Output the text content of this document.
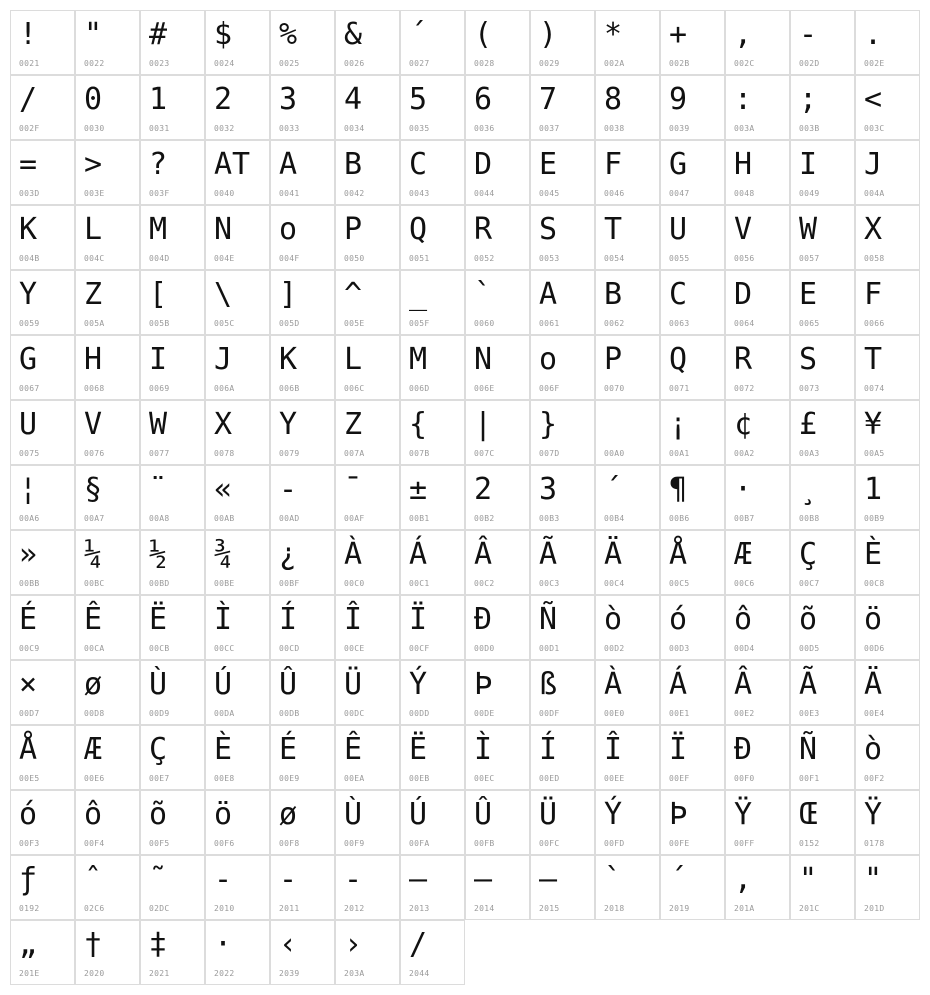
!
0021
"
0022
#
0023
$
0024
%
0025
&
0026
´
0027
(
0028
)
0029
*
002A
+
002B
,
002C
-
002D
.
002E
/
002F
0
0030
1
0031
2
0032
3
0033
4
0034
5
0035
6
0036
7
0037
8
0038
9
0039
:
003A
;
003B
<
003C
=
003D
>
003E
?
003F
AT
0040
A
0041
B
0042
C
0043
D
0044
E
0045
F
0046
G
0047
H
0048
I
0049
J
004A
K
004B
L
004C
M
004D
N
004E
o
004F
P
0050
Q
0051
R
0052
S
0053
T
0054
U
0055
V
0056
W
0057
X
0058
Y
0059
Z
005A
[
005B
\
005C
]
005D
^
005E
_
005F
`
0060
A
0061
B
0062
C
0063
D
0064
E
0065
F
0066
G
0067
H
0068
I
0069
J
006A
K
006B
L
006C
M
006D
N
006E
o
006F
P
0070
Q
0071
R
0072
S
0073
T
0074
U
0075
V
0076
W
0077
X
0078
Y
0079
Z
007A
{
007B
|
007C
}
007D	00A0
¡
00A1
¢
00A2
£
00A3
¥
00A5
¦
00A6
§
00A7
¨
00A8
«
00AB
-
00AD
¯
00AF
±
00B1
2
00B2
3
00B3
´
00B4
¶
00B6
·
00B7
¸
00B8
1
00B9
»
00BB
¼
00BC
½
00BD
¾
00BE
¿
00BF
À
00C0
Á
00C1
Â
00C2
Ã
00C3
Ä
00C4
Å
00C5
Æ
00C6
Ç
00C7
È
00C8
É
00C9
Ê
00CA
Ë
00CB
Ì
00CC
Í
00CD
Î
00CE
Ï
00CF
Đ
00D0
Ñ
00D1
ò
00D2
ó
00D3
ô
00D4
õ
00D5
ö
00D6
×
00D7
ø
00D8
Ù
00D9
Ú
00DA
Û
00DB
Ü
00DC
Ý
00DD
Þ
00DE
ß
00DF
À
00E0
Á
00E1
Â
00E2
Ã
00E3
Ä
00E4
Å
00E5
Æ
00E6
Ç
00E7
È
00E8
É
00E9
Ê
00EA
Ë
00EB
Ì
00EC
Í
00ED
Î
00EE
Ï
00EF
Đ
00F0
Ñ
00F1
ò
00F2
ó
00F3
ô
00F4
õ
00F5
ö
00F6
ø
00F8
Ù
00F9
Ú
00FA
Û
00FB
Ü
00FC
Ý
00FD
Þ
00FE
Ÿ
00FF
Œ
0152
Ÿ
0178
ƒ
0192
ˆ
02C6
˜
02DC
-
2010
-
2011
-
2012
–
2013
—
2014
—
2015
`
2018
´
2019
‚
201A
"
201C
"
201D
„
201E
†
2020
‡
2021
·
2022
‹
2039
›
203A
/
2044
